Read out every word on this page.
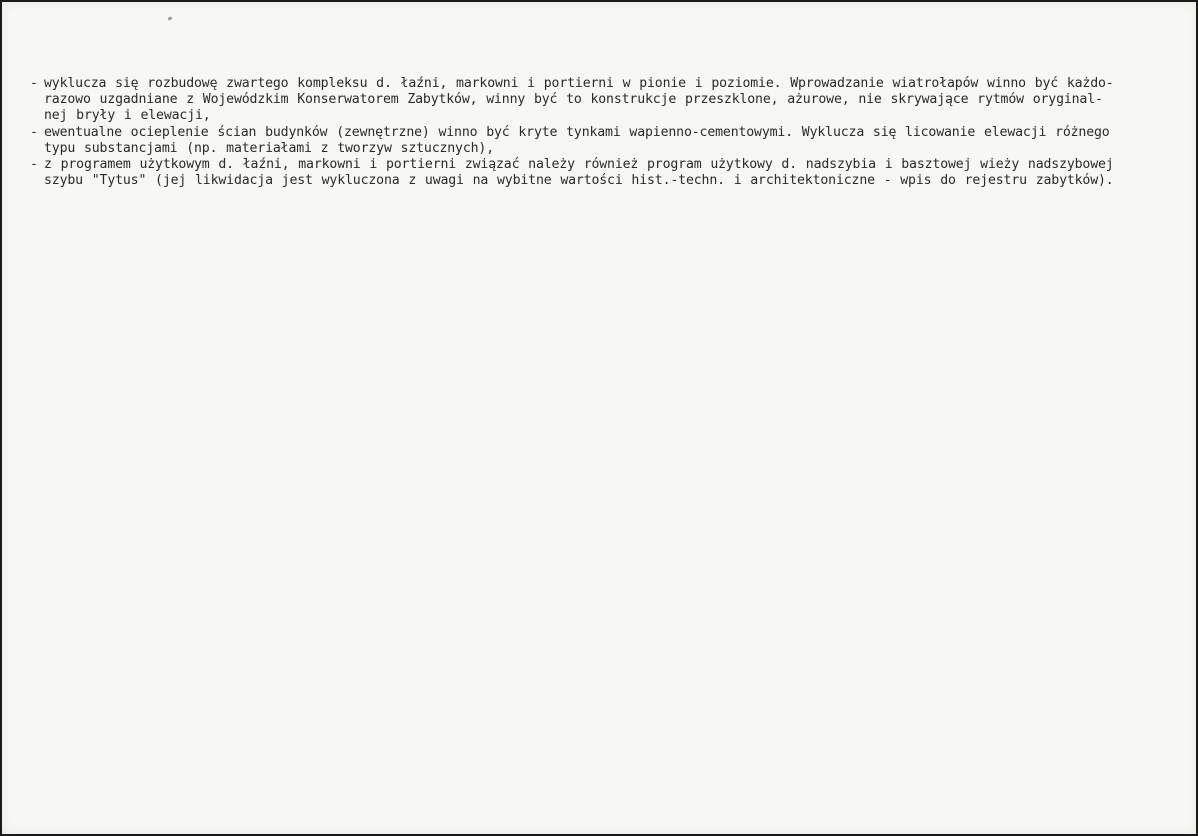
- wyklucza się rozbudowę zwartego kompleksu d. łaźni, markowni i portierni w pionie i poziomie. Wprowadzanie wiatrołapów winno być każdo-
razowo uzgadniane z Wojewódzkim Konserwatorem Zabytków, winny być to konstrukcje przeszklone, ażurowe, nie skrywające rytmów oryginal-
nej bryły i elewacji,
- ewentualne ocieplenie ścian budynków (zewnętrzne) winno być kryte tynkami wapienno-cementowymi. Wyklucza się licowanie elewacji różnego
typu substancjami (np. materiałami z tworzyw sztucznych),
- z programem użytkowym d. łaźni, markowni i portierni związać należy również program użytkowy d. nadszybia i basztowej wieży nadszybowej
szybu "Tytus" (jej likwidacja jest wykluczona z uwagi na wybitne wartości hist.-techn. i architektoniczne - wpis do rejestru zabytków).
